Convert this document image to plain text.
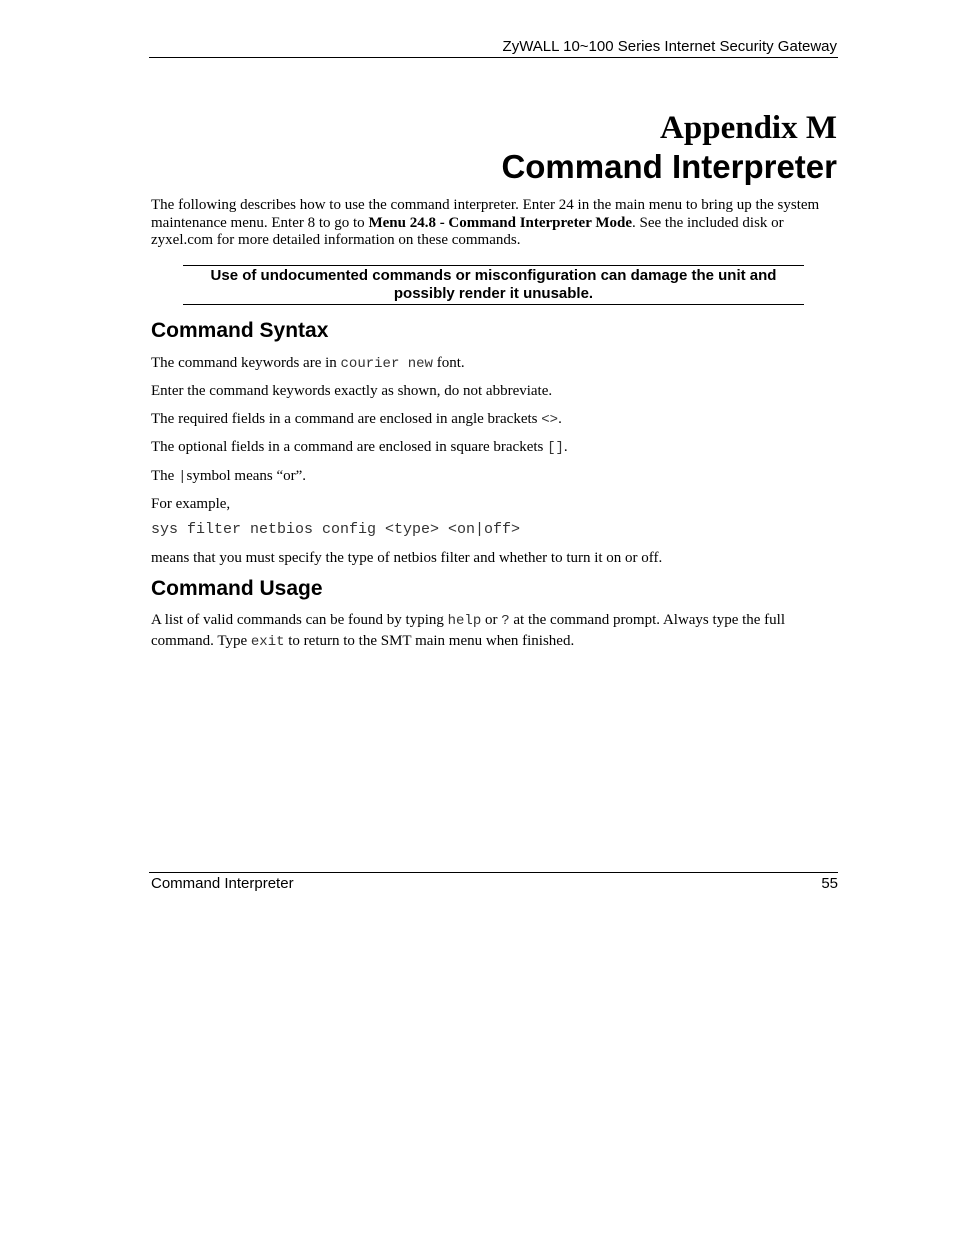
ZyWALL 10~100 Series Internet Security Gateway
Appendix M
Command Interpreter
The following describes how to use the command interpreter. Enter 24 in the main menu to bring up the system maintenance menu. Enter 8 to go to Menu 24.8 - Command Interpreter Mode. See the included disk or zyxel.com for more detailed information on these commands.
Use of undocumented commands or misconfiguration can damage the unit and possibly render it unusable.
Command Syntax
The command keywords are in courier new font.
Enter the command keywords exactly as shown, do not abbreviate.
The required fields in a command are enclosed in angle brackets <>.
The optional fields in a command are enclosed in square brackets [].
The |symbol means “or”.
For example,
sys filter netbios config <type> <on|off>
means that you must specify the type of netbios filter and whether to turn it on or off.
Command Usage
A list of valid commands can be found by typing help or ? at the command prompt. Always type the full command. Type exit to return to the SMT main menu when finished.
Command Interpreter	55
